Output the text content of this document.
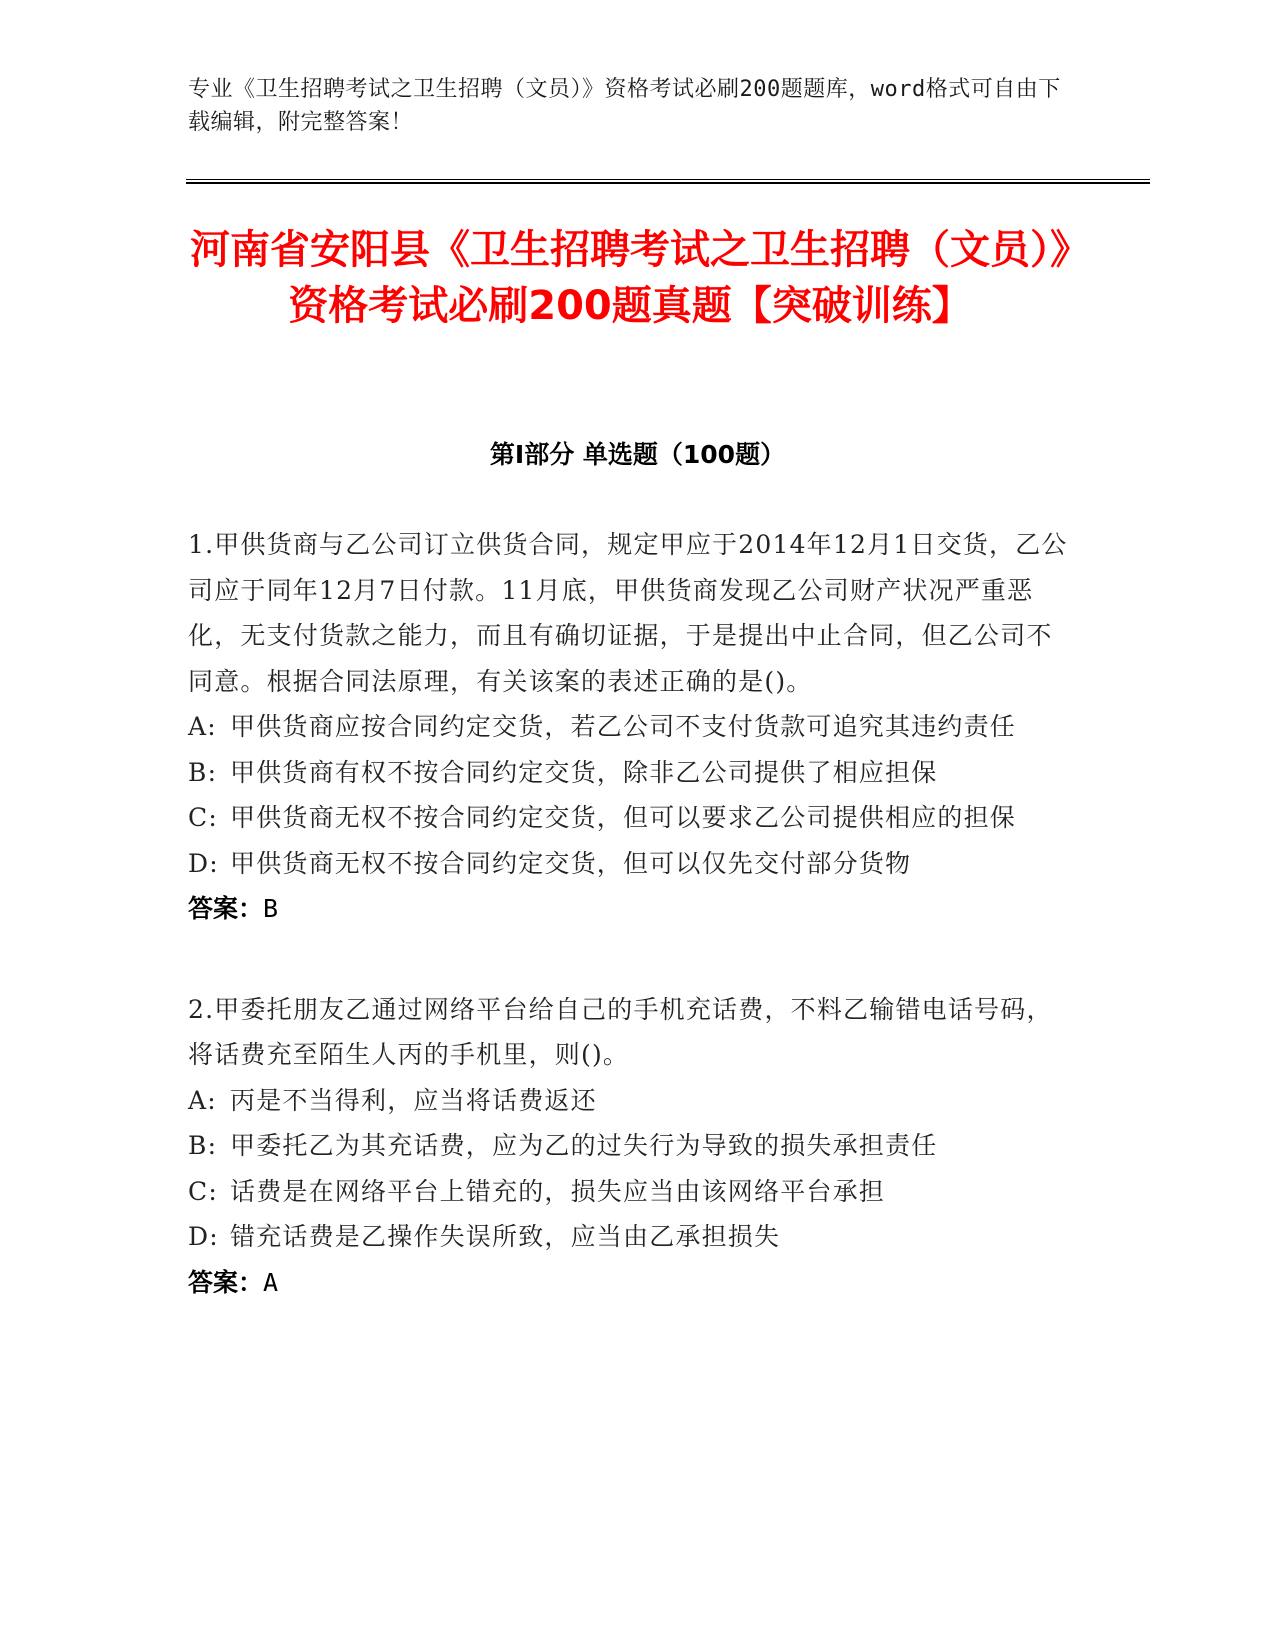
专业《卫生招聘考试之卫生招聘（文员）》资格考试必刷200题题库，word格式可自由下载编辑，附完整答案！
河南省安阳县《卫生招聘考试之卫生招聘（文员）》资格考试必刷200题真题【突破训练】
第I部分 单选题（100题）
1.甲供货商与乙公司订立供货合同，规定甲应于2014年12月1日交货，乙公司应于同年12月7日付款。11月底，甲供货商发现乙公司财产状况严重恶化，无支付货款之能力，而且有确切证据，于是提出中止合同，但乙公司不同意。根据合同法原理，有关该案的表述正确的是()。
A: 甲供货商应按合同约定交货，若乙公司不支付货款可追究其违约责任
B: 甲供货商有权不按合同约定交货，除非乙公司提供了相应担保
C: 甲供货商无权不按合同约定交货，但可以要求乙公司提供相应的担保
D: 甲供货商无权不按合同约定交货，但可以仅先交付部分货物
答案：B
2.甲委托朋友乙通过网络平台给自己的手机充话费，不料乙输错电话号码，将话费充至陌生人丙的手机里，则()。
A: 丙是不当得利，应当将话费返还
B: 甲委托乙为其充话费，应为乙的过失行为导致的损失承担责任
C: 话费是在网络平台上错充的，损失应当由该网络平台承担
D: 错充话费是乙操作失误所致，应当由乙承担损失
答案：A
